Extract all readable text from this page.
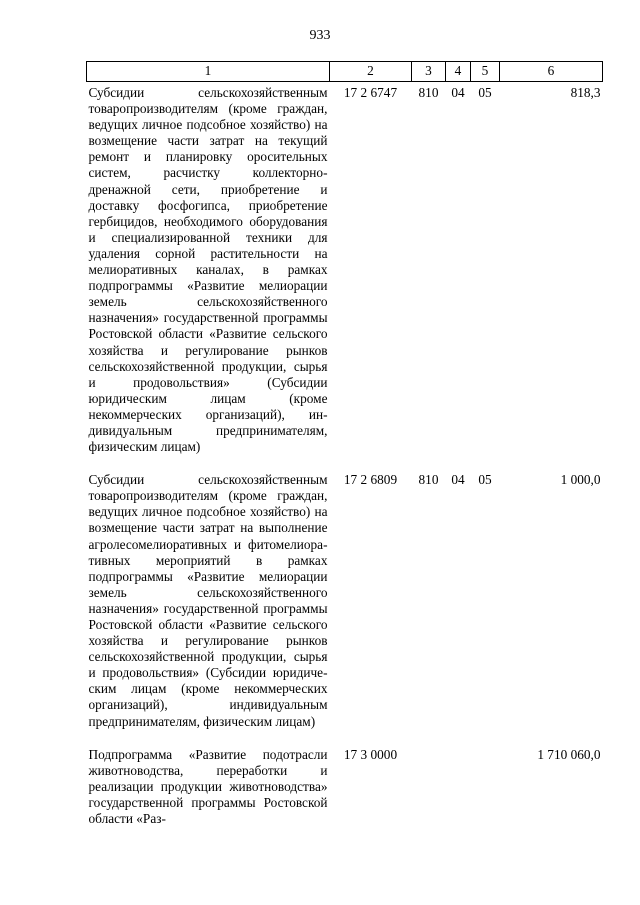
933
1	2	3	4	5	6
Субсидии сельскохозяйственным товаропроизводителям (кроме граждан, ведущих личное подсобное хозяйство) на возмещение части затрат на текущий ремонт и планировку оросительных систем, расчистку коллекторно-дренажной сети, приобретение и доставку фосфогипса, приобретение гербицидов, необходимого оборудования и специализированной техники для удаления сорной растительности на мелиоративных каналах, в рамках подпрограммы «Развитие мелиорации земель сельскохозяйственного назначения» государственной программы Ростовской области «Развитие сельского хозяйства и регулирование рынков сельскохозяйственной продукции, сырья и продовольствия» (Субсидии юридическим лицам (кроме некоммерческих организаций), индивидуальным предпринимателям, физическим лицам)	17 2 6747	810	04	05	818,3
Субсидии сельскохозяйственным товаропроизводителям (кроме граждан, ведущих личное подсобное хозяйство) на возмещение части затрат на выполнение агролесомелиоративных и фитомелиоративных мероприятий в рамках подпрограммы «Развитие мелиорации земель сельскохозяйственного назначения» государственной программы Ростовской области «Развитие сельского хозяйства и регулирование рынков сельскохозяйственной продукции, сырья и продовольствия» (Субсидии юридическим лицам (кроме некоммерческих организаций), индивидуальным предпринимателям, физическим лицам)	17 2 6809	810	04	05	1 000,0
Подпрограмма «Развитие подотрасли животноводства, переработки и реализации продукции животноводства» государственной программы Ростовской области «Раз-	17 3 0000				1 710 060,0
